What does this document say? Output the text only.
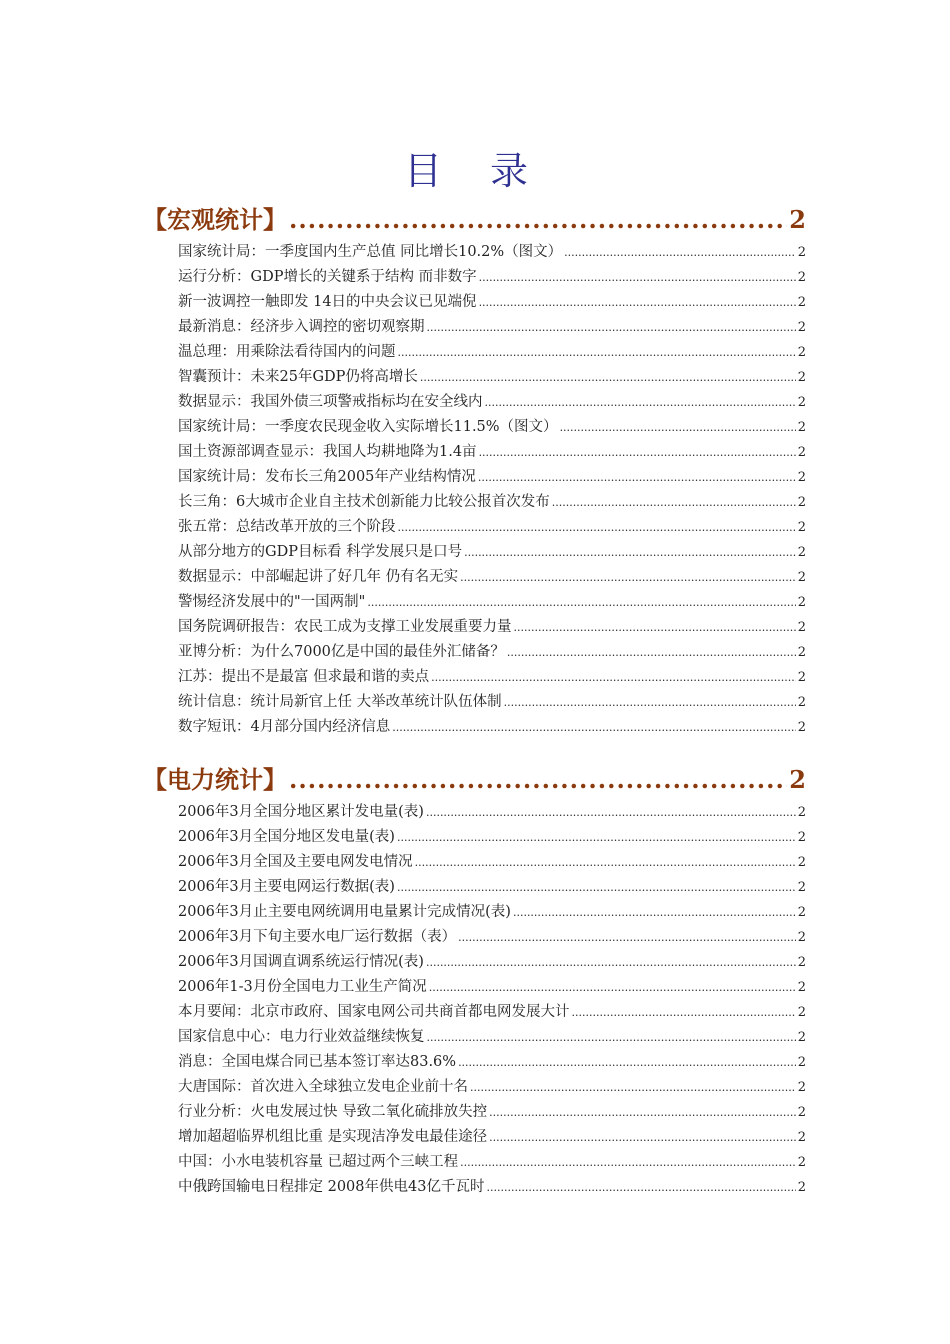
目 录
【宏观统计】 .....	2
国家统计局：一季度国内生产总值 同比增长10.2%（图文） .....	2
运行分析：GDP增长的关键系于结构 而非数字 .....	2
新一波调控一触即发 14日的中央会议已见端倪 .....	2
最新消息：经济步入调控的密切观察期 .....	2
温总理：用乘除法看待国内的问题 .....	2
智囊预计：未来25年GDP仍将高增长 .....	2
数据显示：我国外债三项警戒指标均在安全线内 .....	2
国家统计局：一季度农民现金收入实际增长11.5%（图文） .....	2
国土资源部调查显示：我国人均耕地降为1.4亩 .....	2
国家统计局：发布长三角2005年产业结构情况 .....	2
长三角：6大城市企业自主技术创新能力比较公报首次发布 .....	2
张五常：总结改革开放的三个阶段 .....	2
从部分地方的GDP目标看 科学发展只是口号 .....	2
数据显示：中部崛起讲了好几年 仍有名无实 .....	2
警惕经济发展中的"一国两制" .....	2
国务院调研报告：农民工成为支撑工业发展重要力量 .....	2
亚博分析：为什么7000亿是中国的最佳外汇储备？ .....	2
江苏：提出不是最富 但求最和谐的卖点 .....	2
统计信息：统计局新官上任 大举改革统计队伍体制 .....	2
数字短讯：4月部分国内经济信息 .....	2
【电力统计】 .....	2
2006年3月全国分地区累计发电量(表) .....	2
2006年3月全国分地区发电量(表) .....	2
2006年3月全国及主要电网发电情况 .....	2
2006年3月主要电网运行数据(表) .....	2
2006年3月止主要电网统调用电量累计完成情况(表) .....	2
2006年3月下旬主要水电厂运行数据（表） .....	2
2006年3月国调直调系统运行情况(表) .....	2
2006年1-3月份全国电力工业生产简况 .....	2
本月要闻：北京市政府、国家电网公司共商首都电网发展大计 .....	2
国家信息中心：电力行业效益继续恢复 .....	2
消息：全国电煤合同已基本签订率达83.6% .....	2
大唐国际：首次进入全球独立发电企业前十名 .....	2
行业分析：火电发展过快 导致二氧化硫排放失控 .....	2
增加超超临界机组比重 是实现洁净发电最佳途径 .....	2
中国：小水电装机容量 已超过两个三峡工程 .....	2
中俄跨国输电日程排定 2008年供电43亿千瓦时 .....	2
